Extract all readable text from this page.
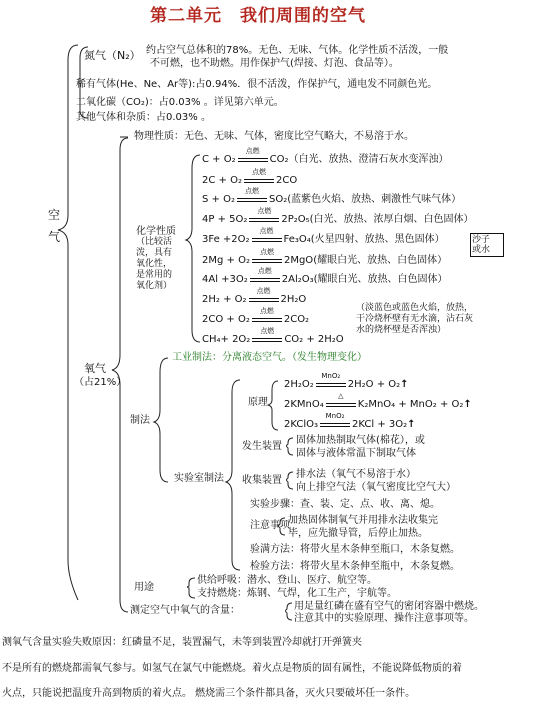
第二单元　我们周围的空气
空
气
氧气
（占21%）
氮气（N₂） 约占空气总体积的78%。无色、无味、气体。化学性质不活泼，一般
不可燃，也不助燃。用作保护气(焊接、灯泡、食品等）。
稀有气体(He、Ne、Ar等):占0.94%．很不活泼，作保护气，通电发不同颜色光。
二氧化碳（CO₂)：占0.03% 。详见第六单元。
其他气体和杂质：占0.03% 。
物理性质：无色、无味、气体，密度比空气略大，不易溶于水。
化学性质
（比较活
泼，具有
氧化性，
是常用的
氧化剂）
C + O₂
点燃
CO₂（白光、放热、澄清石灰水变浑浊）
2C + O₂
点燃
2CO
S + O₂
点燃
SO₂(蓝紫色火焰、放热、刺激性气味气体）
4P + 5O₂
点燃
2P₂O₅(白光、放热、浓厚白烟、白色固体）
3Fe +2O₂
点燃
Fe₃O₄(火星四射、放热、黑色固体）
2Mg + O₂
点燃
2MgO(耀眼白光、放热、白色固体）
4Al +3O₂
点燃
2Al₂O₃(耀眼白光、放热、白色固体）
2H₂ + O₂
点燃
2H₂O
2CO + O₂
点燃
2CO₂
CH₄+ 2O₂
点燃
CO₂ + 2H₂O
沙子
或水
（淡蓝色或蓝色火焰，放热，
干冷烧杯壁有无水滴，沾石灰
水的烧杯壁是否浑浊）
制法
工业制法：分离液态空气。（发生物理变化）
实验室制法
原理
2H₂O₂
MnO₂
2H₂O + O₂↑
2KMnO₄
△
K₂MnO₄ + MnO₂ + O₂↑
2KClO₃
MnO₂
2KCl + 3O₂↑
发生装置
固体加热制取气体(棉花），或
固体与液体常温下制取气体
收集装置
排水法（氧气不易溶于水）
向上排空气法（氧气密度比空气大）
实验步骤：查、装、定、点、收、离、熄。
注意事项
加热固体制氧气并用排水法收集完
毕，应先撤导管，后停止加热。
验满方法：将带火星木条伸至瓶口，木条复燃。
检验方法：将带火星木条伸至瓶中，木条复燃。
用途
供给呼吸：潜水、登山、医疗、航空等。
支持燃烧：炼钢、气焊，化工生产，宇航等。
测定空气中氧气的含量：	用足量红磷在盛有空气的密闭容器中燃烧。
注意其中的实验原理、操作注意事项等。
测氧气含量实验失败原因：红磷量不足，装置漏气，未等到装置冷却就打开弹簧夹
不是所有的燃烧都需氧气参与。如氢气在氯气中能燃烧。着火点是物质的固有属性，不能说降低物质的着
火点，只能说把温度升高到物质的着火点。 燃烧需三个条件都具备，灭火只要破坏任一条件。
